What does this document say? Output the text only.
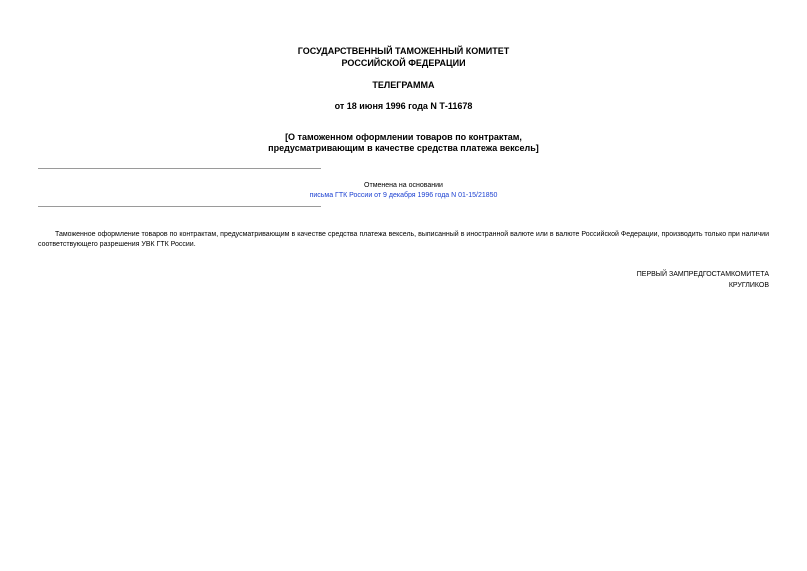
ГОСУДАРСТВЕННЫЙ ТАМОЖЕННЫЙ КОМИТЕТ
РОССИЙСКОЙ ФЕДЕРАЦИИ
ТЕЛЕГРАММА
от 18 июня 1996 года N Т-11678
[О таможенном оформлении товаров по контрактам,
предусматривающим в качестве средства платежа вексель]
Отменена на основании
письма ГТК России от 9 декабря 1996 года N 01-15/21850

Таможенное оформление товаров по контрактам, предусматривающим в качестве средства платежа вексель, выписанный в иностранной валюте или в валюте Российской Федерации, производить только при наличии соответствующего разрешения УВК ГТК России.

ПЕРВЫЙ ЗАМПРЕДГОСТАМКОМИТЕТА
КРУГЛИКОВ
